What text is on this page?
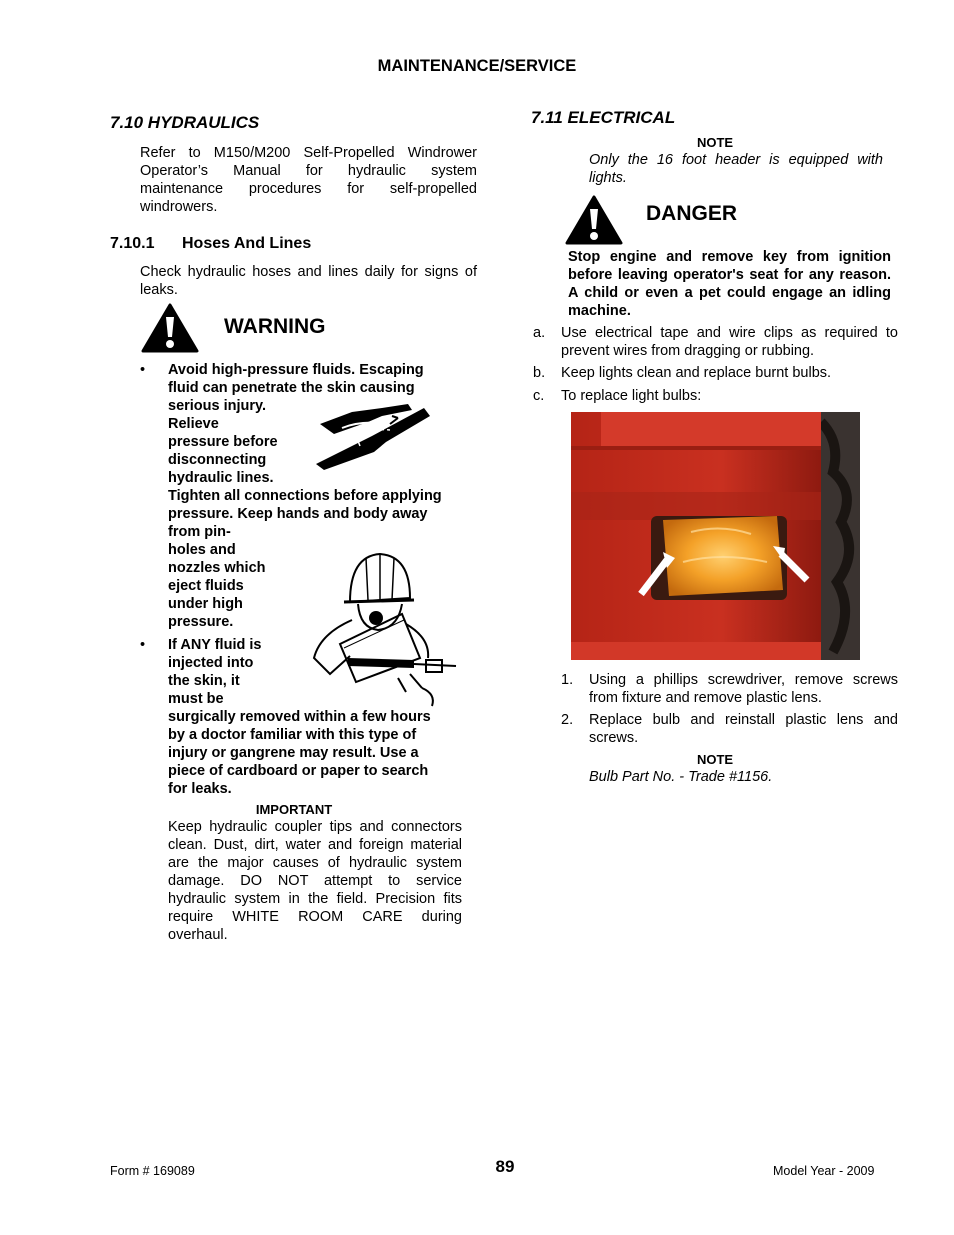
MAINTENANCE/SERVICE
7.10 HYDRAULICS
Refer to M150/M200 Self-Propelled Windrower Operator’s Manual for hydraulic system maintenance procedures for self-propelled windrowers.
7.10.1 Hoses And Lines
Check hydraulic hoses and lines daily for signs of leaks.
WARNING
• Avoid high-pressure fluids. Escaping
fluid can penetrate the skin causing
serious injury.
Relieve
pressure before
disconnecting
hydraulic lines.
Tighten all connections before applying
pressure. Keep hands and body away
from pin-
holes and
nozzles which
eject fluids
under high
pressure.
• If ANY fluid is
injected into
the skin, it
must be
surgically removed within a few hours
by a doctor familiar with this type of
injury or gangrene may result. Use a
piece of cardboard or paper to search
for leaks.
IMPORTANT
Keep hydraulic coupler tips and connectors clean. Dust, dirt, water and foreign material are the major causes of hydraulic system damage. DO NOT attempt to service hydraulic system in the field. Precision fits require WHITE ROOM CARE during overhaul.
7.11 ELECTRICAL
NOTE
Only the 16 foot header is equipped with lights.
DANGER
Stop engine and remove key from ignition before leaving operator's seat for any reason. A child or even a pet could engage an idling machine.
a. Use electrical tape and wire clips as required to prevent wires from dragging or rubbing.
b. Keep lights clean and replace burnt bulbs.
c. To replace light bulbs:
1. Using a phillips screwdriver, remove screws from fixture and remove plastic lens.
2. Replace bulb and reinstall plastic lens and screws.
NOTE
Bulb Part No. - Trade #1156.
Form # 169089	89	Model Year - 2009
